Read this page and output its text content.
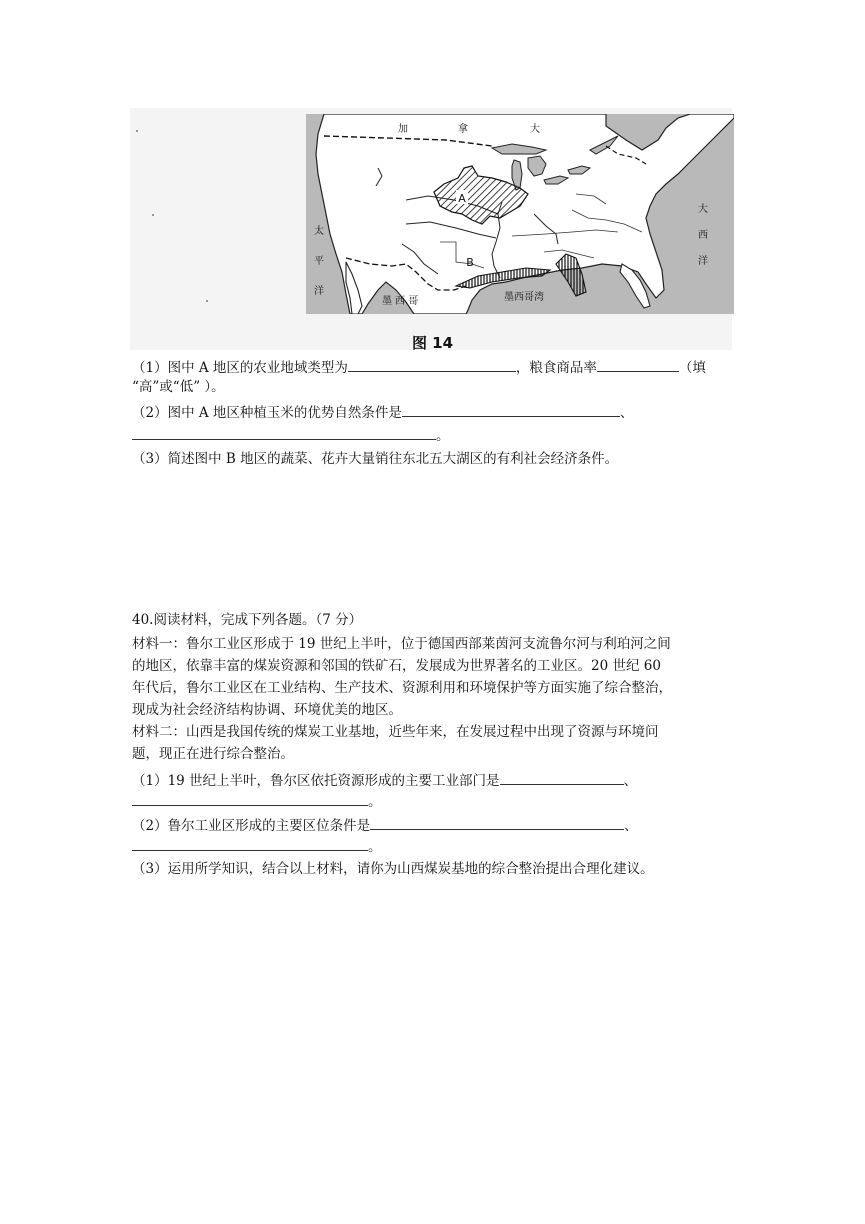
A
B
加	拿	大
墨 西 哥	墨西哥湾
太
平
洋
大
西
洋
图 14
（1）图中 A 地区的农业地域类型为	，粮食商品率	（填
“高”或“低” ）。
（2）图中 A 地区种植玉米的优势自然条件是	、
。
（3）简述图中 B 地区的蔬菜、花卉大量销往东北五大湖区的有利社会经济条件。
40.阅读材料，完成下列各题。（7 分）
材料一：鲁尔工业区形成于 19 世纪上半叶，位于德国西部莱茵河支流鲁尔河与利珀河之间
的地区，依靠丰富的煤炭资源和邻国的铁矿石，发展成为世界著名的工业区。20 世纪 60
年代后，鲁尔工业区在工业结构、生产技术、资源利用和环境保护等方面实施了综合整治，
现成为社会经济结构协调、环境优美的地区。
材料二：山西是我国传统的煤炭工业基地，近些年来，在发展过程中出现了资源与环境问
题，现正在进行综合整治。
（1）19 世纪上半叶，鲁尔区依托资源形成的主要工业部门是	、
。
（2）鲁尔工业区形成的主要区位条件是	、
。
（3）运用所学知识，结合以上材料，请你为山西煤炭基地的综合整治提出合理化建议。
